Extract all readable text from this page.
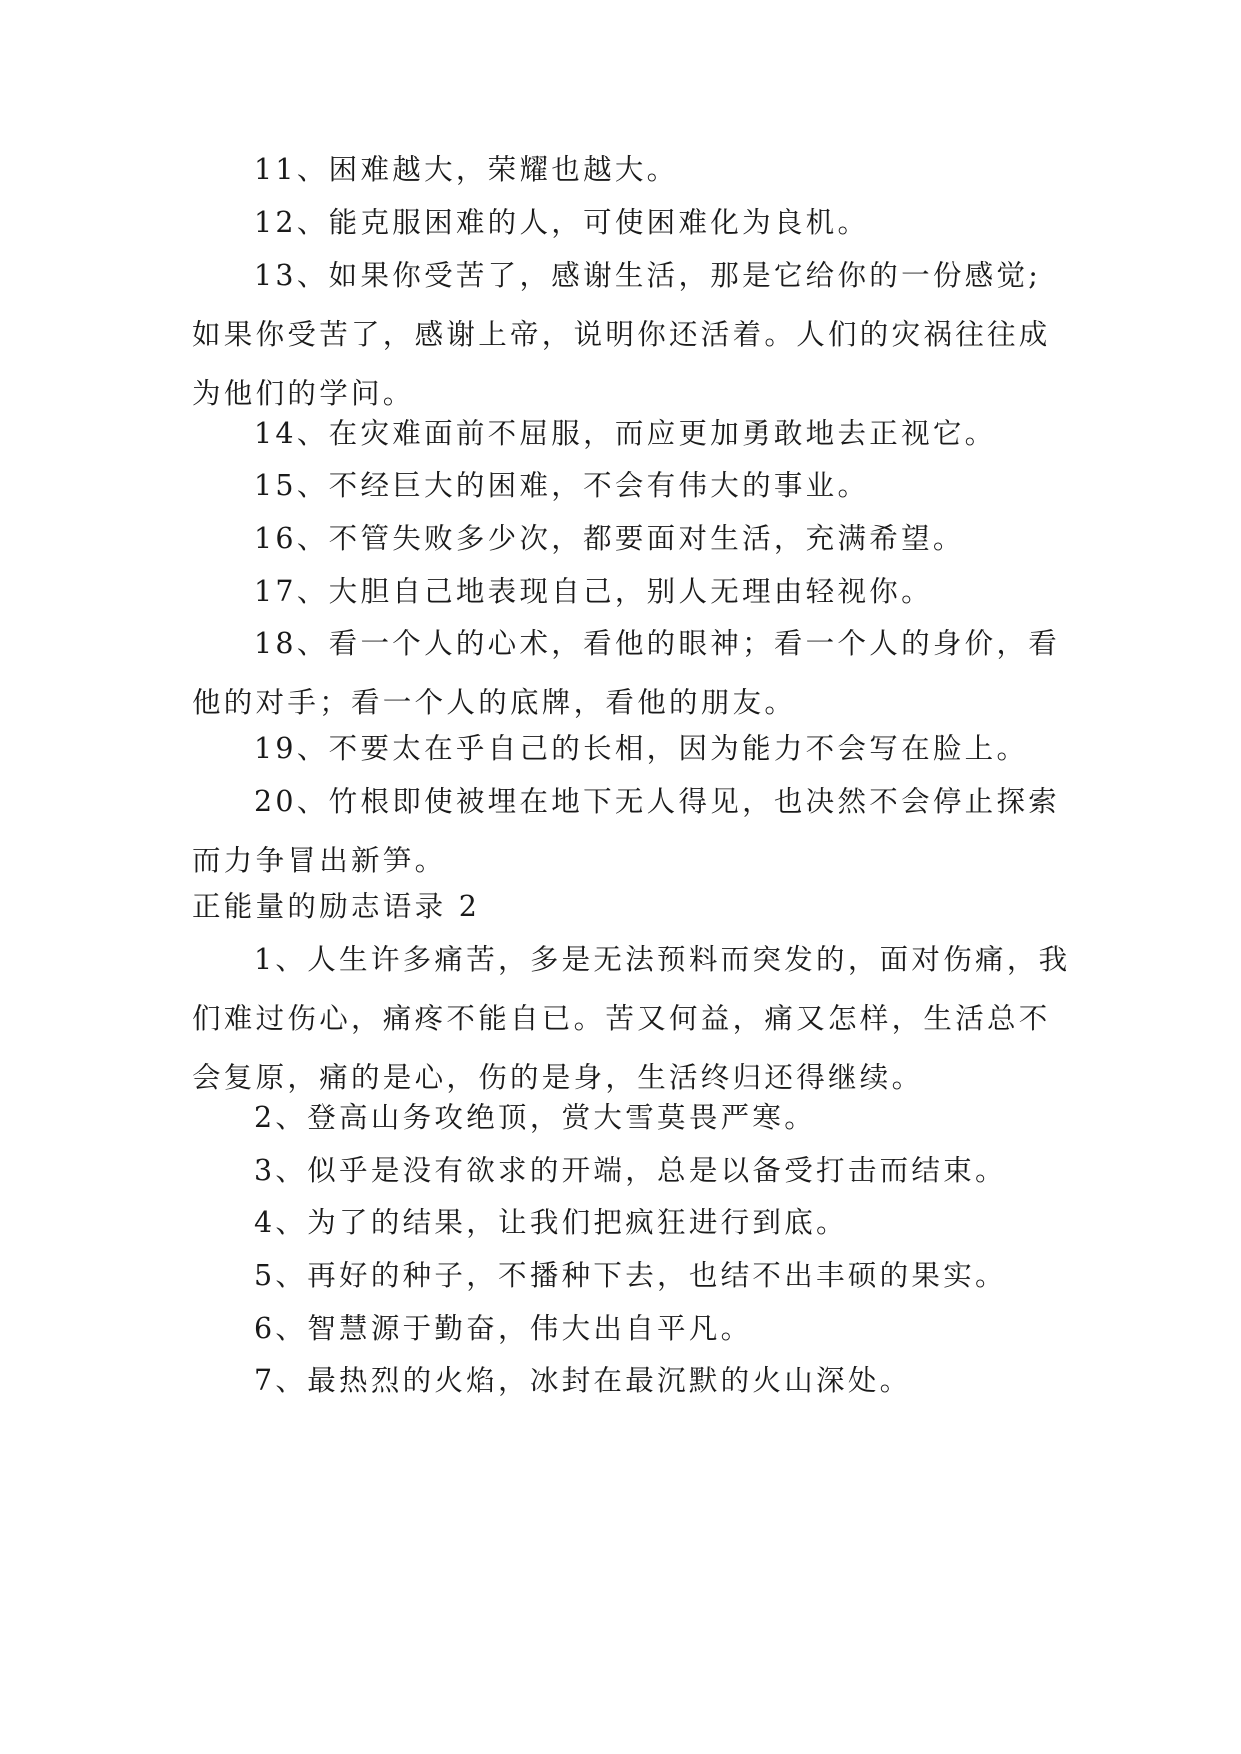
11、困难越大，荣耀也越大。
12、能克服困难的人，可使困难化为良机。
13、如果你受苦了，感谢生活，那是它给你的一份感觉;如果你受苦了，感谢上帝，说明你还活着。人们的灾祸往往成为他们的学问。
14、在灾难面前不屈服，而应更加勇敢地去正视它。
15、不经巨大的困难，不会有伟大的事业。
16、不管失败多少次，都要面对生活，充满希望。
17、大胆自己地表现自己，别人无理由轻视你。
18、看一个人的心术，看他的眼神；看一个人的身价，看他的对手；看一个人的底牌，看他的朋友。
19、不要太在乎自己的长相，因为能力不会写在脸上。
20、竹根即使被埋在地下无人得见，也决然不会停止探索而力争冒出新笋。
正能量的励志语录 2
1、人生许多痛苦，多是无法预料而突发的，面对伤痛，我们难过伤心，痛疼不能自已。苦又何益，痛又怎样，生活总不会复原，痛的是心，伤的是身，生活终归还得继续。
2、登高山务攻绝顶，赏大雪莫畏严寒。
3、似乎是没有欲求的开端，总是以备受打击而结束。
4、为了的结果，让我们把疯狂进行到底。
5、再好的种子，不播种下去，也结不出丰硕的果实。
6、智慧源于勤奋，伟大出自平凡。
7、最热烈的火焰，冰封在最沉默的火山深处。
